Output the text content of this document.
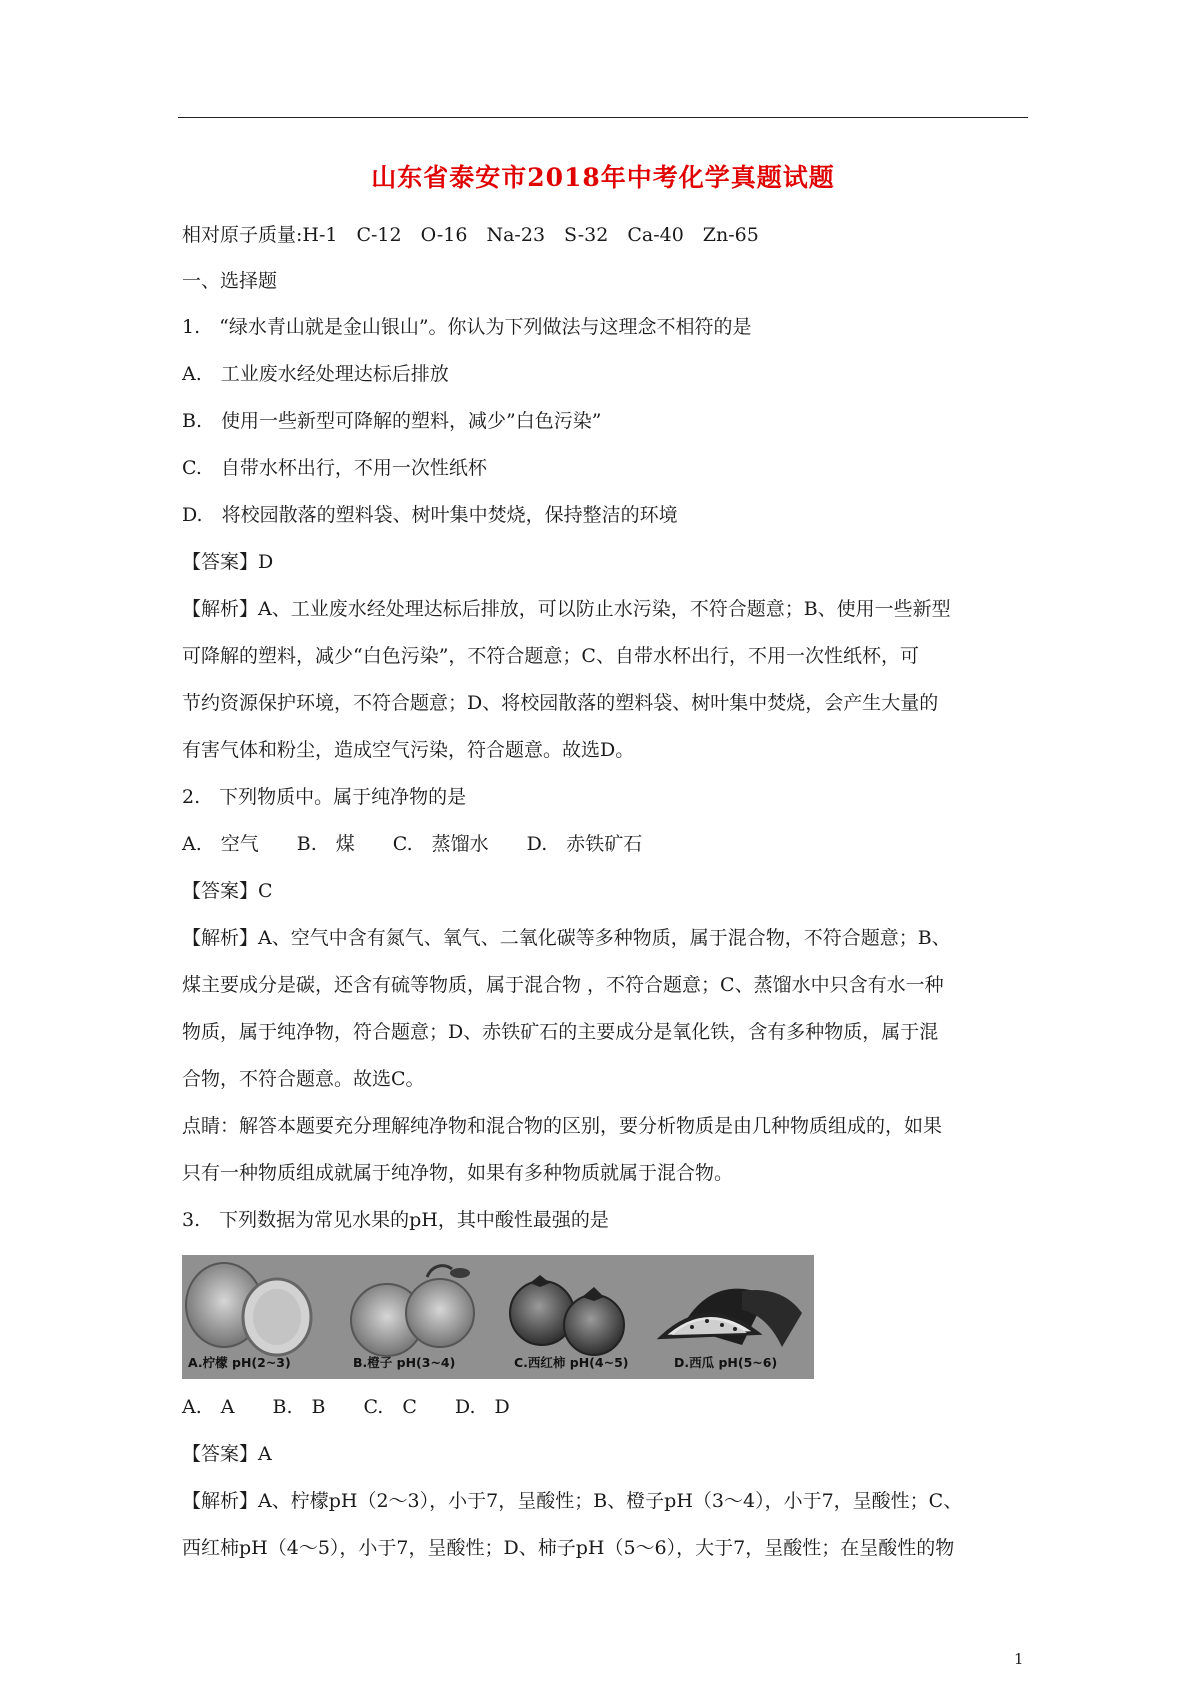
山东省泰安市2018年中考化学真题试题
相对原子质量:H-1　C-12　O-16　Na-23　S-32　Ca-40　Zn-65
一、选择题
1.　“绿水青山就是金山银山”。你认为下列做法与这理念不相符的是
A.　工业废水经处理达标后排放
B.　使用一些新型可降解的塑料，减少”白色污染”
C.　自带水杯出行，不用一次性纸杯
D.　将校园散落的塑料袋、树叶集中焚烧，保持整洁的环境
【答案】D
【解析】A、工业废水经处理达标后排放，可以防止水污染，不符合题意；B、使用一些新型
可降解的塑料，减少“白色污染”，不符合题意；C、自带水杯出行，不用一次性纸杯，可
节约资源保护环境，不符合题意；D、将校园散落的塑料袋、树叶集中焚烧，会产生大量的
有害气体和粉尘，造成空气污染，符合题意。故选D。
2.　下列物质中。属于纯净物的是
A.　空气　　B.　煤　　C.　蒸馏水　　D.　赤铁矿石
【答案】C
【解析】A、空气中含有氮气、氧气、二氧化碳等多种物质，属于混合物，不符合题意；B、
煤主要成分是碳，还含有硫等物质，属于混合物 ，不符合题意；C、蒸馏水中只含有水一种
物质，属于纯净物，符合题意；D、赤铁矿石的主要成分是氧化铁，含有多种物质，属于混
合物，不符合题意。故选C。
点睛：解答本题要充分理解纯净物和混合物的区别，要分析物质是由几种物质组成的，如果
只有一种物质组成就属于纯净物，如果有多种物质就属于混合物。
3.　下列数据为常见水果的pH，其中酸性最强的是
A.柠檬 pH(2~3)	B.橙子 pH(3~4)	C.西红柿 pH(4~5)	D.西瓜 pH(5~6)
A.　A　　B.　B　　C.　C　　D.　D
【答案】A
【解析】A、柠檬pH（2～3），小于7，呈酸性；B、橙子pH（3～4），小于7，呈酸性；C、
西红柿pH（4～5），小于7，呈酸性；D、柿子pH（5～6），大于7，呈酸性；在呈酸性的物
1
